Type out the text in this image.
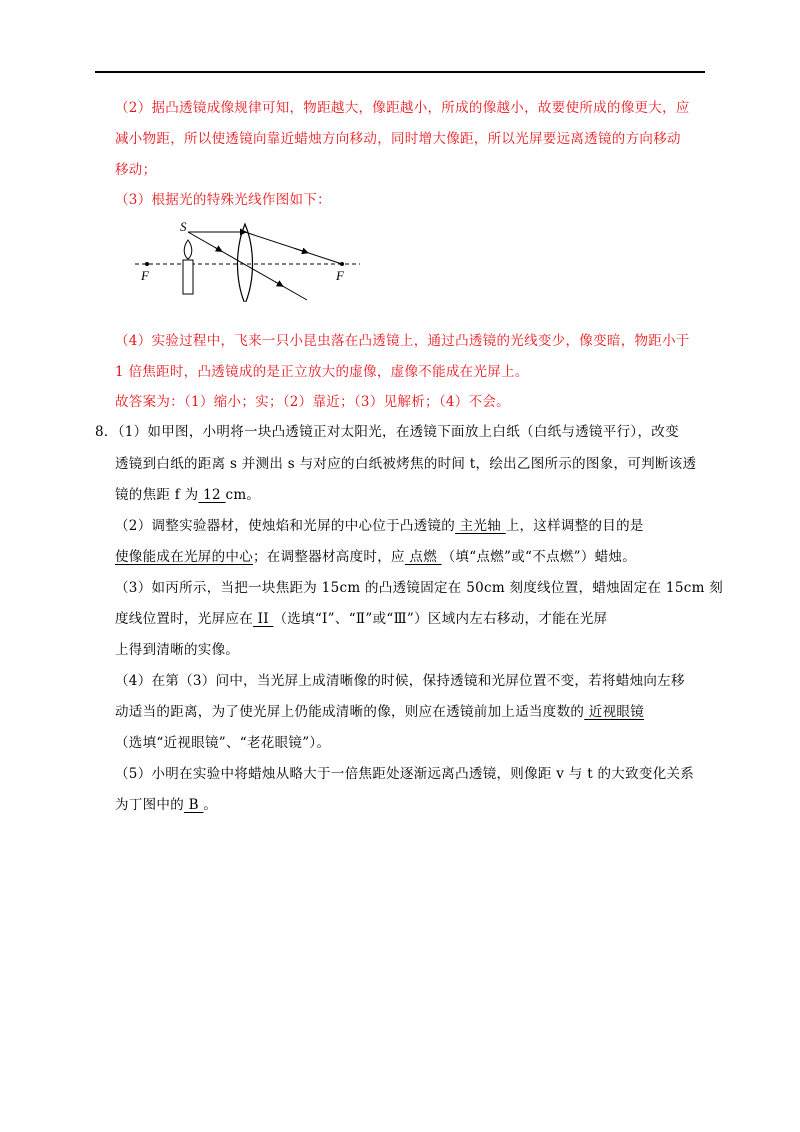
（2）据凸透镜成像规律可知，物距越大，像距越小，所成的像越小，故要使所成的像更大，应
减小物距，所以使透镜向靠近蜡烛方向移动，同时增大像距，所以光屏要远离透镜的方向移动
移动；
（3）根据光的特殊光线作图如下：
S
F	F
（4）实验过程中，飞来一只小昆虫落在凸透镜上，通过凸透镜的光线变少，像变暗，物距小于
1 倍焦距时，凸透镜成的是正立放大的虚像，虚像不能成在光屏上。
故答案为：（1）缩小；实；（2）靠近；（3）见解析；（4）不会。
8．（1）如甲图，小明将一块凸透镜正对太阳光，在透镜下面放上白纸（白纸与透镜平行），改变
透镜到白纸的距离 s 并测出 s 与对应的白纸被烤焦的时间 t，绘出乙图所示的图象，可判断该透
镜的焦距 f 为 12 cm。
（2）调整实验器材，使烛焰和光屏的中心位于凸透镜的 主光轴 上，这样调整的目的是
使像能成在光屏的中心；在调整器材高度时，应 点燃 （填“点燃”或“不点燃”）蜡烛。
（3）如丙所示，当把一块焦距为 15cm 的凸透镜固定在 50cm 刻度线位置，蜡烛固定在 15cm 刻
度线位置时，光屏应在 II （选填“Ⅰ”、“Ⅱ”或“Ⅲ”）区域内左右移动，才能在光屏
上得到清晰的实像。
（4）在第（3）问中，当光屏上成清晰像的时候，保持透镜和光屏位置不变，若将蜡烛向左移
动适当的距离，为了使光屏上仍能成清晰的像，则应在透镜前加上适当度数的 近视眼镜
（选填“近视眼镜”、“老花眼镜”）。
（5）小明在实验中将蜡烛从略大于一倍焦距处逐渐远离凸透镜，则像距 v 与 t 的大致变化关系
为丁图中的 B 。
